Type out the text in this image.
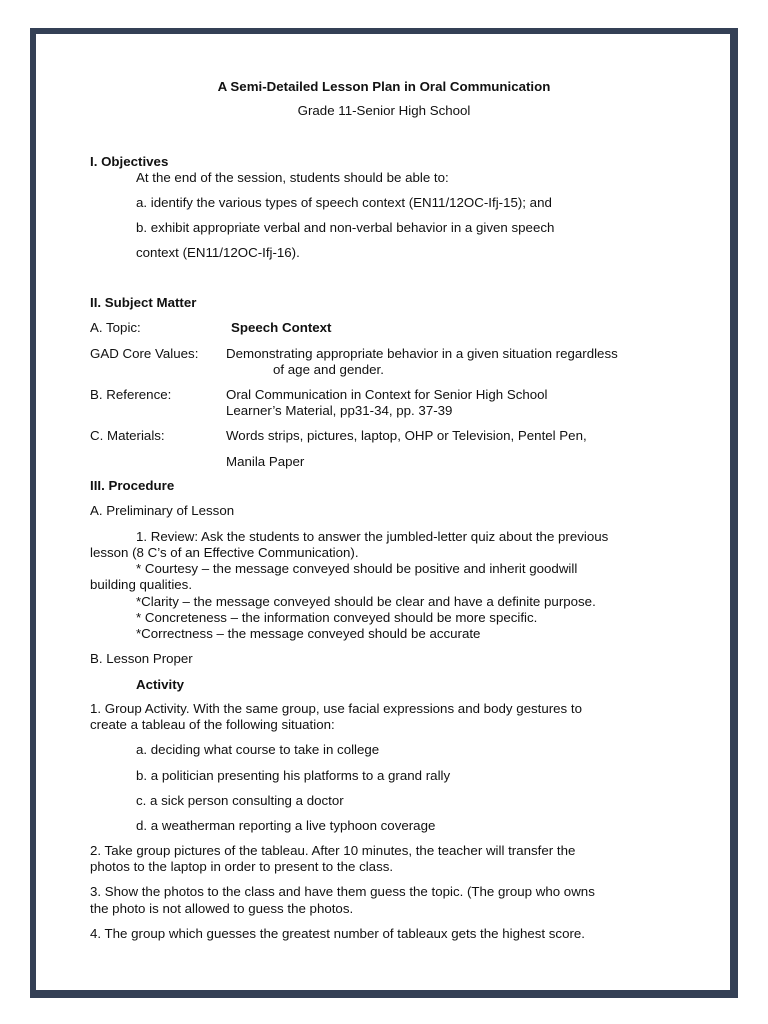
A Semi-Detailed Lesson Plan in Oral Communication
Grade 11-Senior High School
I. Objectives
At the end of the session, students should be able to:
a. identify the various types of speech context (EN11/12OC-Ifj-15); and
b. exhibit appropriate verbal and non-verbal behavior in a given speech
context (EN11/12OC-Ifj-16).
II. Subject Matter
A. Topic:	Speech Context
GAD Core Values: Demonstrating appropriate behavior in a given situation regardless
of age and gender.
B. Reference:	Oral Communication in Context for Senior High School
Learner’s Material, pp31-34, pp. 37-39
C. Materials:	Words strips, pictures, laptop, OHP or Television, Pentel Pen,
Manila Paper
III. Procedure
A. Preliminary of Lesson
1. Review: Ask the students to answer the jumbled-letter quiz about the previous
lesson (8 C’s of an Effective Communication).
* Courtesy – the message conveyed should be positive and inherit goodwill
building qualities.
*Clarity – the message conveyed should be clear and have a definite purpose.
* Concreteness – the information conveyed should be more specific.
*Correctness – the message conveyed should be accurate
B. Lesson Proper
Activity
1. Group Activity. With the same group, use facial expressions and body gestures to
create a tableau of the following situation:
a. deciding what course to take in college
b. a politician presenting his platforms to a grand rally
c. a sick person consulting a doctor
d. a weatherman reporting a live typhoon coverage
2. Take group pictures of the tableau. After 10 minutes, the teacher will transfer the
photos to the laptop in order to present to the class.
3. Show the photos to the class and have them guess the topic. (The group who owns
the photo is not allowed to guess the photos.
4. The group which guesses the greatest number of tableaux gets the highest score.
